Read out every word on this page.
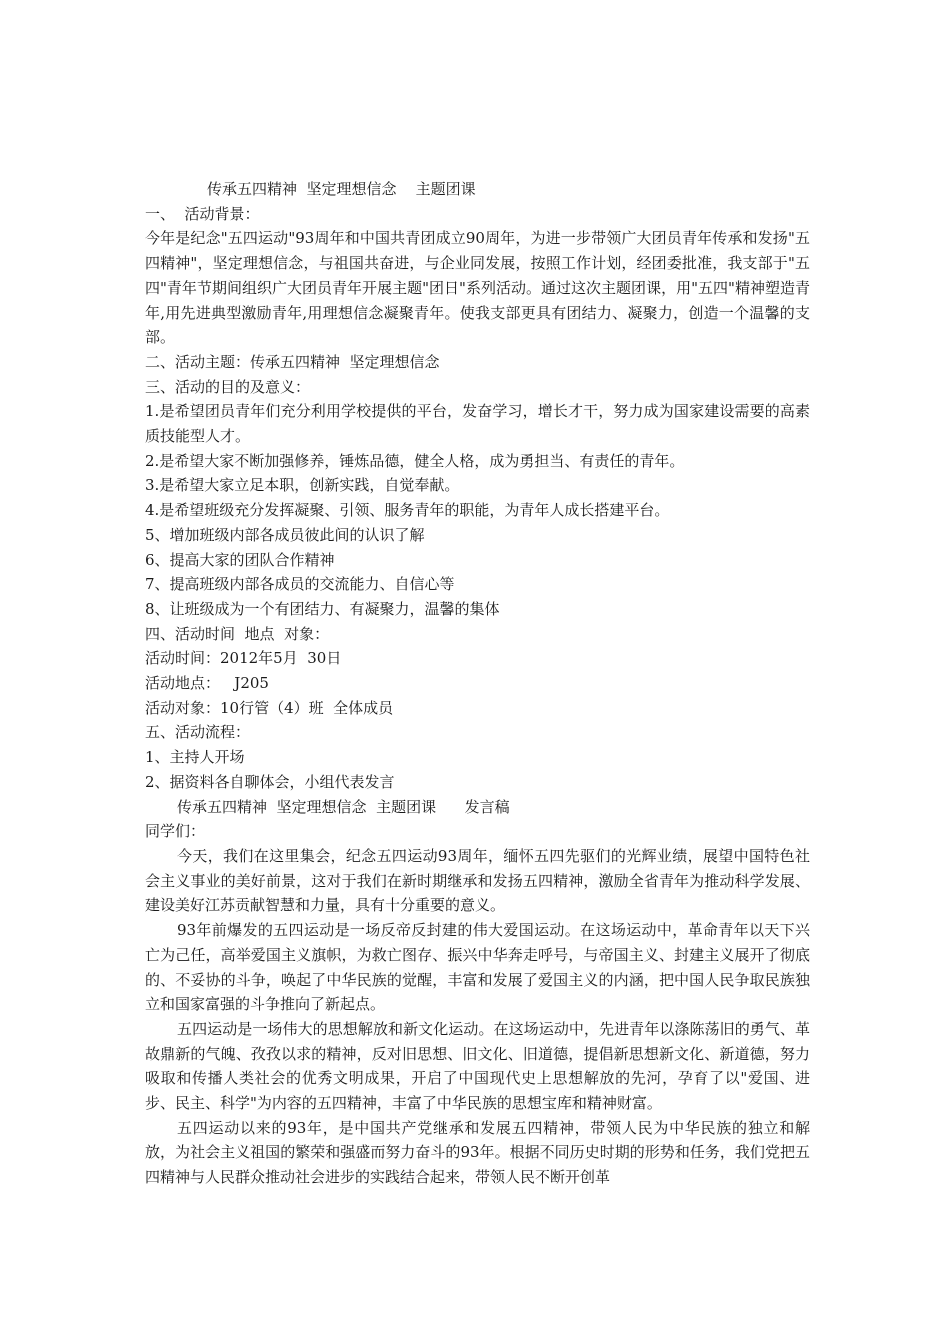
传承五四精神  坚定理想信念    主题团课

一、  活动背景：

今年是纪念"五四运动"93周年和中国共青团成立90周年，为进一步带领广大团员青年传承和发扬"五四精神"，坚定理想信念，与祖国共奋进，与企业同发展，按照工作计划，经团委批准，我支部于"五四"青年节期间组织广大团员青年开展主题"团日"系列活动。通过这次主题团课，用"五四"精神塑造青年,用先进典型激励青年,用理想信念凝聚青年。使我支部更具有团结力、凝聚力，创造一个温馨的支部。

二、活动主题：传承五四精神  坚定理想信念

三、活动的目的及意义：

1.是希望团员青年们充分利用学校提供的平台，发奋学习，增长才干，努力成为国家建设需要的高素质技能型人才。

2.是希望大家不断加强修养，锤炼品德，健全人格，成为勇担当、有责任的青年。

3.是希望大家立足本职，创新实践，自觉奉献。

4.是希望班级充分发挥凝聚、引领、服务青年的职能，为青年人成长搭建平台。

5、增加班级内部各成员彼此间的认识了解

6、提高大家的团队合作精神

7、提高班级内部各成员的交流能力、自信心等

8、让班级成为一个有团结力、有凝聚力，温馨的集体

四、活动时间  地点  对象：

活动时间：2012年5月  30日

活动地点：   J205

活动对象：10行管（4）班  全体成员

五、活动流程：

1、主持人开场

2、据资料各自聊体会，小组代表发言

传承五四精神  坚定理想信念  主题团课      发言稿

同学们：

今天，我们在这里集会，纪念五四运动93周年，缅怀五四先驱们的光辉业绩，展望中国特色社会主义事业的美好前景，这对于我们在新时期继承和发扬五四精神，激励全省青年为推动科学发展、建设美好江苏贡献智慧和力量，具有十分重要的意义。

93年前爆发的五四运动是一场反帝反封建的伟大爱国运动。在这场运动中，革命青年以天下兴亡为己任，高举爱国主义旗帜，为救亡图存、振兴中华奔走呼号，与帝国主义、封建主义展开了彻底的、不妥协的斗争，唤起了中华民族的觉醒，丰富和发展了爱国主义的内涵，把中国人民争取民族独立和国家富强的斗争推向了新起点。

五四运动是一场伟大的思想解放和新文化运动。在这场运动中，先进青年以涤陈荡旧的勇气、革故鼎新的气魄、孜孜以求的精神，反对旧思想、旧文化、旧道德，提倡新思想新文化、新道德，努力吸取和传播人类社会的优秀文明成果，开启了中国现代史上思想解放的先河，孕育了以"爱国、进步、民主、科学"为内容的五四精神，丰富了中华民族的思想宝库和精神财富。

五四运动以来的93年，是中国共产党继承和发展五四精神，带领人民为中华民族的独立和解放，为社会主义祖国的繁荣和强盛而努力奋斗的93年。根据不同历史时期的形势和任务，我们党把五四精神与人民群众推动社会进步的实践结合起来，带领人民不断开创革
